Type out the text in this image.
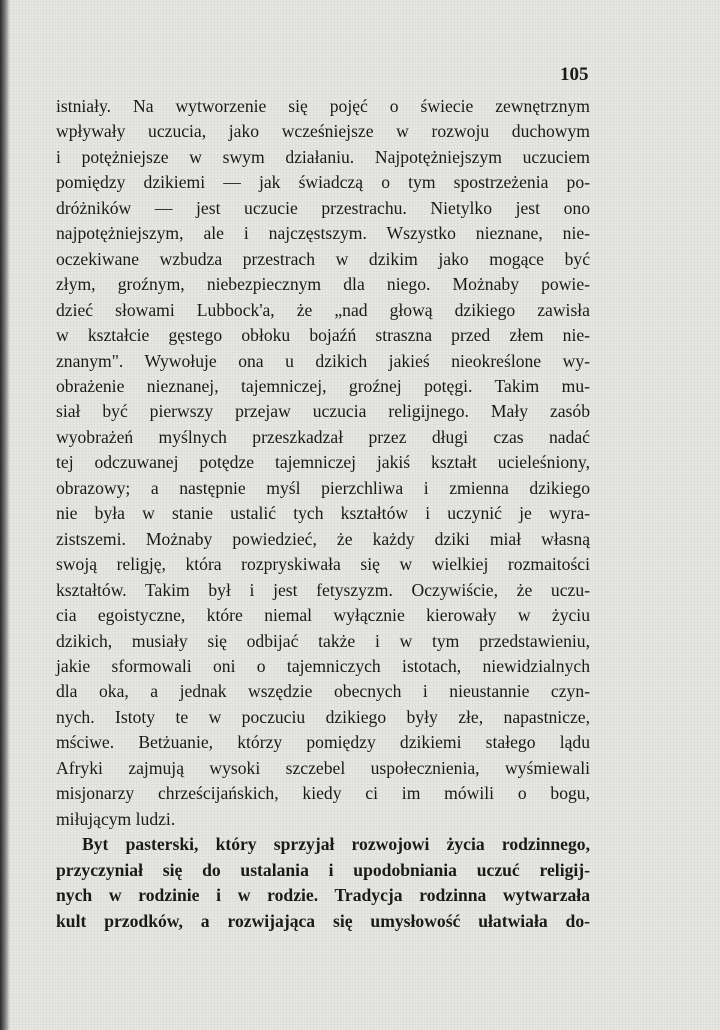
105

istniały. Na wytworzenie się pojęć o świecie zewnętrznym
wpływały uczucia, jako wcześniejsze w rozwoju duchowym
i potężniejsze w swym działaniu. Najpotężniejszym uczuciem
pomiędzy dzikiemi — jak świadczą o tym spostrzeżenia po-
dróżników — jest uczucie przestrachu. Nietylko jest ono
najpotężniejszym, ale i najczęstszym. Wszystko nieznane, nie-
oczekiwane wzbudza przestrach w dzikim jako mogące być
złym, groźnym, niebezpiecznym dla niego. Możnaby powie-
dzieć słowami Lubbock'a, że „nad głową dzikiego zawisła
w kształcie gęstego obłoku bojaźń straszna przed złem nie-
znanym". Wywołuje ona u dzikich jakieś nieokreślone wy-
obrażenie nieznanej, tajemniczej, groźnej potęgi. Takim mu-
siał być pierwszy przejaw uczucia religijnego. Mały zasób
wyobrażeń myślnych przeszkadzał przez długi czas nadać
tej odczuwanej potędze tajemniczej jakiś kształt ucieleśniony,
obrazowy; a następnie myśl pierzchliwa i zmienna dzikiego
nie była w stanie ustalić tych kształtów i uczynić je wyra-
zistszemi. Możnaby powiedzieć, że każdy dziki miał własną
swoją religję, która rozpryskiwała się w wielkiej rozmaitości
kształtów. Takim był i jest fetyszyzm. Oczywiście, że uczu-
cia egoistyczne, które niemal wyłącznie kierowały w życiu
dzikich, musiały się odbijać także i w tym przedstawieniu,
jakie sformowali oni o tajemniczych istotach, niewidzialnych
dla oka, a jednak wszędzie obecnych i nieustannie czyn-
nych. Istoty te w poczuciu dzikiego były złe, napastnicze,
mściwe. Betżuanie, którzy pomiędzy dzikiemi stałego lądu
Afryki zajmują wysoki szczebel uspołecznienia, wyśmiewali
misjonarzy chrześcijańskich, kiedy ci im mówili o bogu,
miłującym ludzi.

Byt pasterski, który sprzyjał rozwojowi życia rodzinnego,
przyczyniał się do ustalania i upodobniania uczuć religij-
nych w rodzinie i w rodzie. Tradycja rodzinna wytwarzała
kult przodków, a rozwijająca się umysłowość ułatwiała do-
